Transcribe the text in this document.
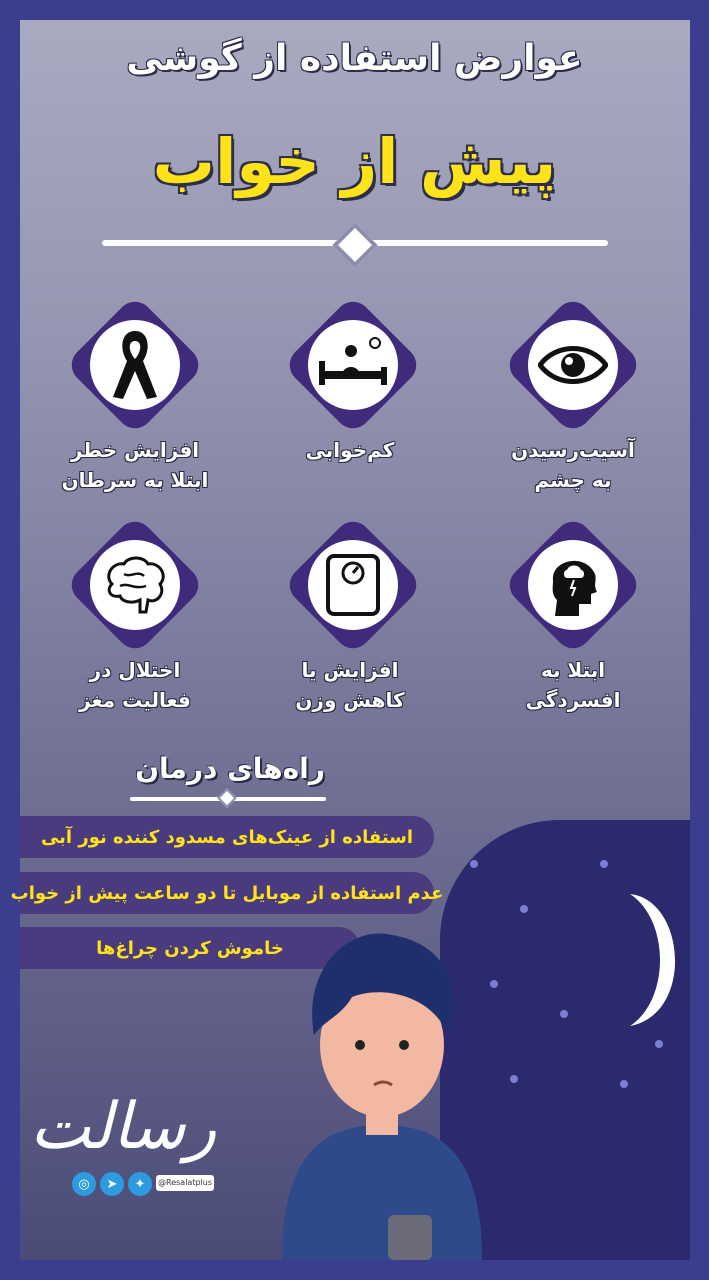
عوارض استفاده از گوشی
پیش از خواب
افزایش خطر
ابتلا به سرطان
کم‌خوابی	آسیب‌رسیدن
به چشم
اختلال در
فعالیت مغز
افزایش یا
کاهش وزن
ابتلا به
افسردگی
راه‌های درمان
استفاده از عینک‌های مسدود کننده نور آبی
عدم استفاده از موبایل تا دو ساعت پیش از خواب
خاموش کردن چراغ‌ها
رسالت
◎	➤	✦	@Resalatplus
